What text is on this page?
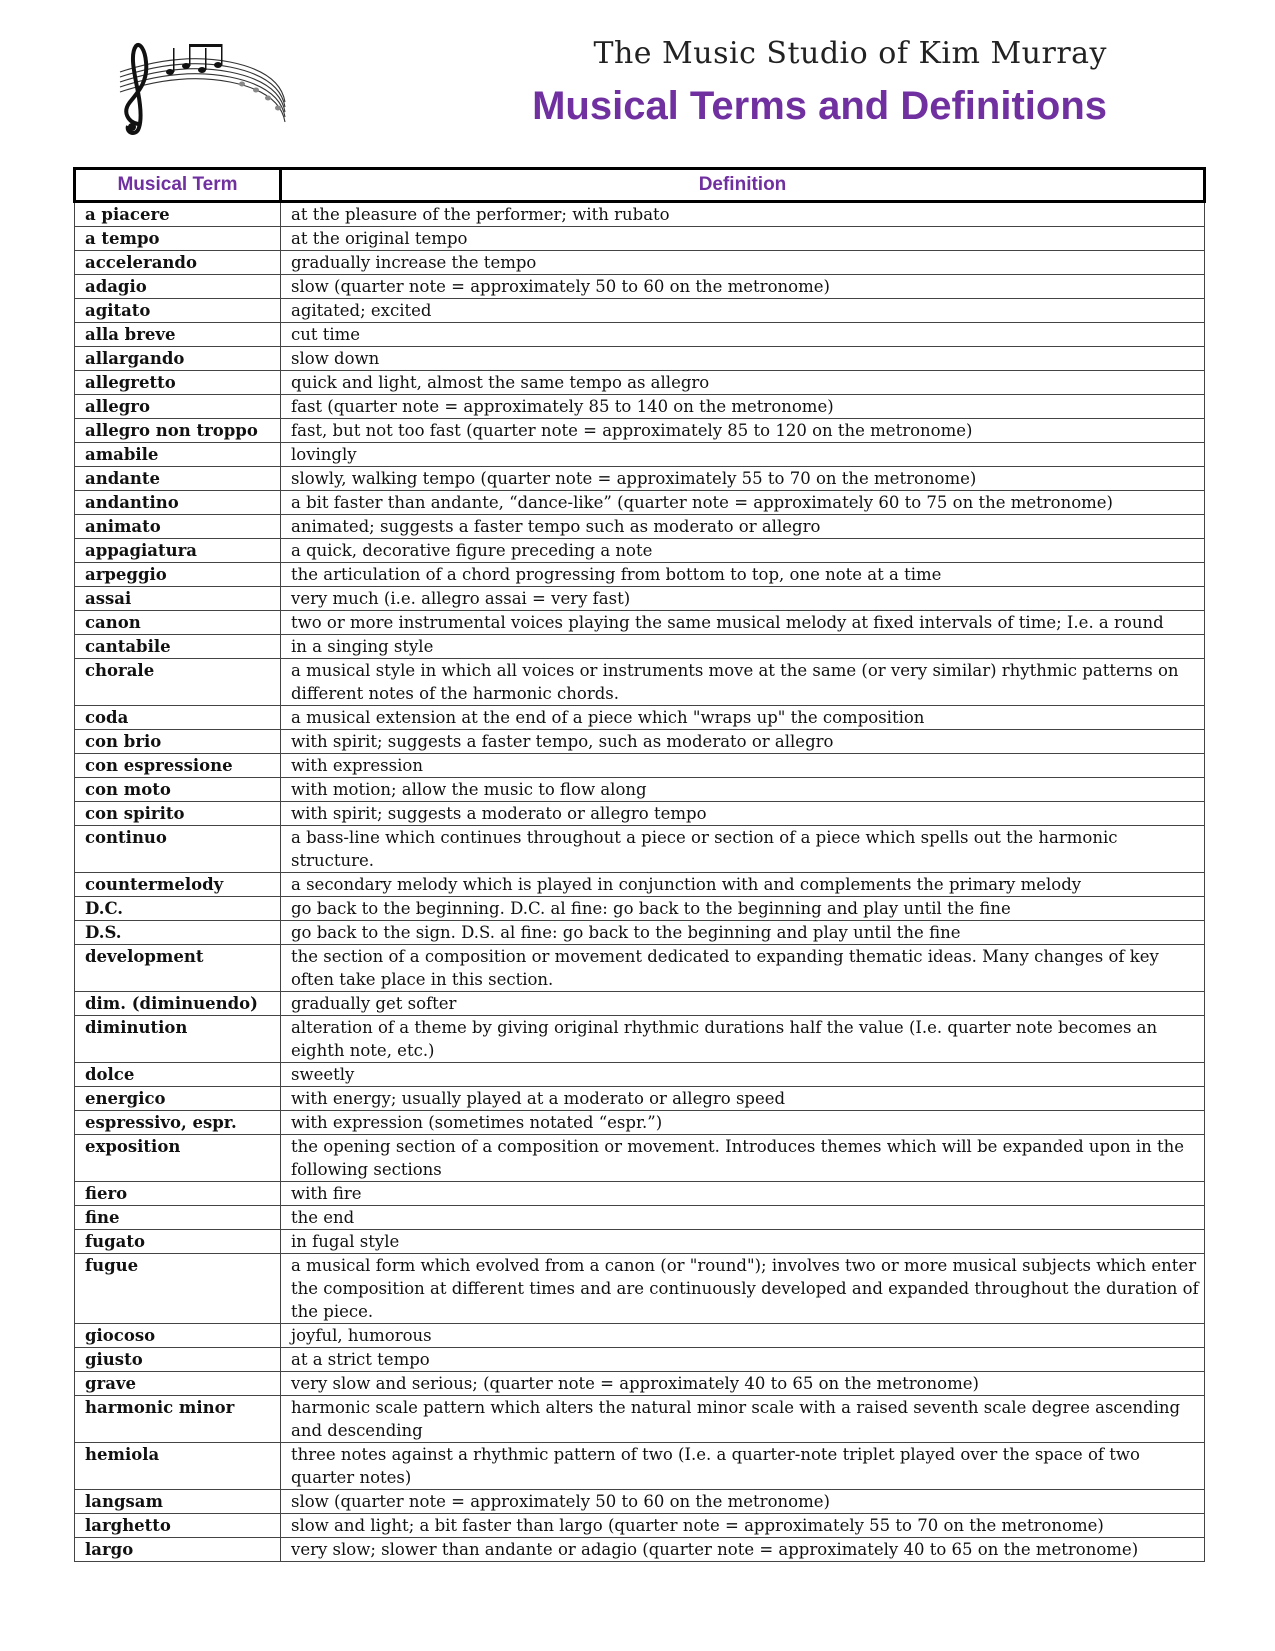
The Music Studio of Kim Murray
Musical Terms and Definitions
Musical Term	Definition
a piacere	at the pleasure of the performer; with rubato
a tempo	at the original tempo
accelerando	gradually increase the tempo
adagio	slow (quarter note = approximately 50 to 60 on the metronome)
agitato	agitated; excited
alla breve	cut time
allargando	slow down
allegretto	quick and light, almost the same tempo as allegro
allegro	fast (quarter note = approximately 85 to 140 on the metronome)
allegro non troppo	fast, but not too fast (quarter note = approximately 85 to 120 on the metronome)
amabile	lovingly
andante	slowly, walking tempo (quarter note = approximately 55 to 70 on the metronome)
andantino	a bit faster than andante, “dance-like” (quarter note = approximately 60 to 75 on the metronome)
animato	animated; suggests a faster tempo such as moderato or allegro
appagiatura	a quick, decorative figure preceding a note
arpeggio	the articulation of a chord progressing from bottom to top, one note at a time
assai	very much (i.e. allegro assai = very fast)
canon	two or more instrumental voices playing the same musical melody at fixed intervals of time; I.e. a round
cantabile	in a singing style
chorale	a musical style in which all voices or instruments move at the same (or very similar) rhythmic patterns on different notes of the harmonic chords.
coda	a musical extension at the end of a piece which "wraps up" the composition
con brio	with spirit; suggests a faster tempo, such as moderato or allegro
con espressione	with expression
con moto	with motion; allow the music to flow along
con spirito	with spirit; suggests a moderato or allegro tempo
continuo	a bass-line which continues throughout a piece or section of a piece which spells out the harmonic structure.
countermelody	a secondary melody which is played in conjunction with and complements the primary melody
D.C.	go back to the beginning. D.C. al fine: go back to the beginning and play until the fine
D.S.	go back to the sign. D.S. al fine: go back to the beginning and play until the fine
development	the section of a composition or movement dedicated to expanding thematic ideas. Many changes of key often take place in this section.
dim. (diminuendo)	gradually get softer
diminution	alteration of a theme by giving original rhythmic durations half the value (I.e. quarter note becomes an eighth note, etc.)
dolce	sweetly
energico	with energy; usually played at a moderato or allegro speed
espressivo, espr.	with expression (sometimes notated “espr.”)
exposition	the opening section of a composition or movement. Introduces themes which will be expanded upon in the following sections
fiero	with fire
fine	the end
fugato	in fugal style
fugue	a musical form which evolved from a canon (or "round"); involves two or more musical subjects which enter the composition at different times and are continuously developed and expanded throughout the duration of the piece.
giocoso	joyful, humorous
giusto	at a strict tempo
grave	very slow and serious; (quarter note = approximately 40 to 65 on the metronome)
harmonic minor	harmonic scale pattern which alters the natural minor scale with a raised seventh scale degree ascending and descending
hemiola	three notes against a rhythmic pattern of two (I.e. a quarter-note triplet played over the space of two quarter notes)
langsam	slow (quarter note = approximately 50 to 60 on the metronome)
larghetto	slow and light; a bit faster than largo (quarter note = approximately 55 to 70 on the metronome)
largo	very slow; slower than andante or adagio (quarter note = approximately 40 to 65 on the metronome)
